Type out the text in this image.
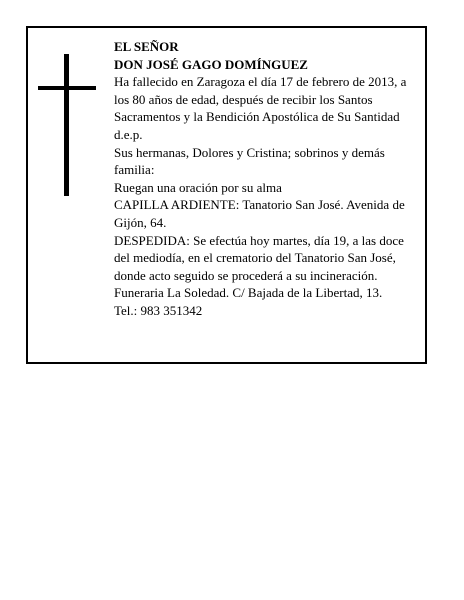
EL SEÑOR

DON JOSÉ GAGO DOMÍNGUEZ

Ha fallecido en Zaragoza el día 17 de febrero de 2013, a los 80 años de edad, después de recibir los Santos Sacramentos y la Bendición Apostólica de Su Santidad d.e.p.

Sus hermanas, Dolores y Cristina; sobrinos y demás familia:

Ruegan una oración por su alma

CAPILLA ARDIENTE: Tanatorio San José. Avenida de Gijón, 64.

DESPEDIDA: Se efectúa hoy martes, día 19, a las doce del mediodía, en el crematorio del Tanatorio San José, donde acto seguido se procederá a su incineración.

Funeraria La Soledad. C/ Bajada de la Libertad, 13.

Tel.: 983 351342
